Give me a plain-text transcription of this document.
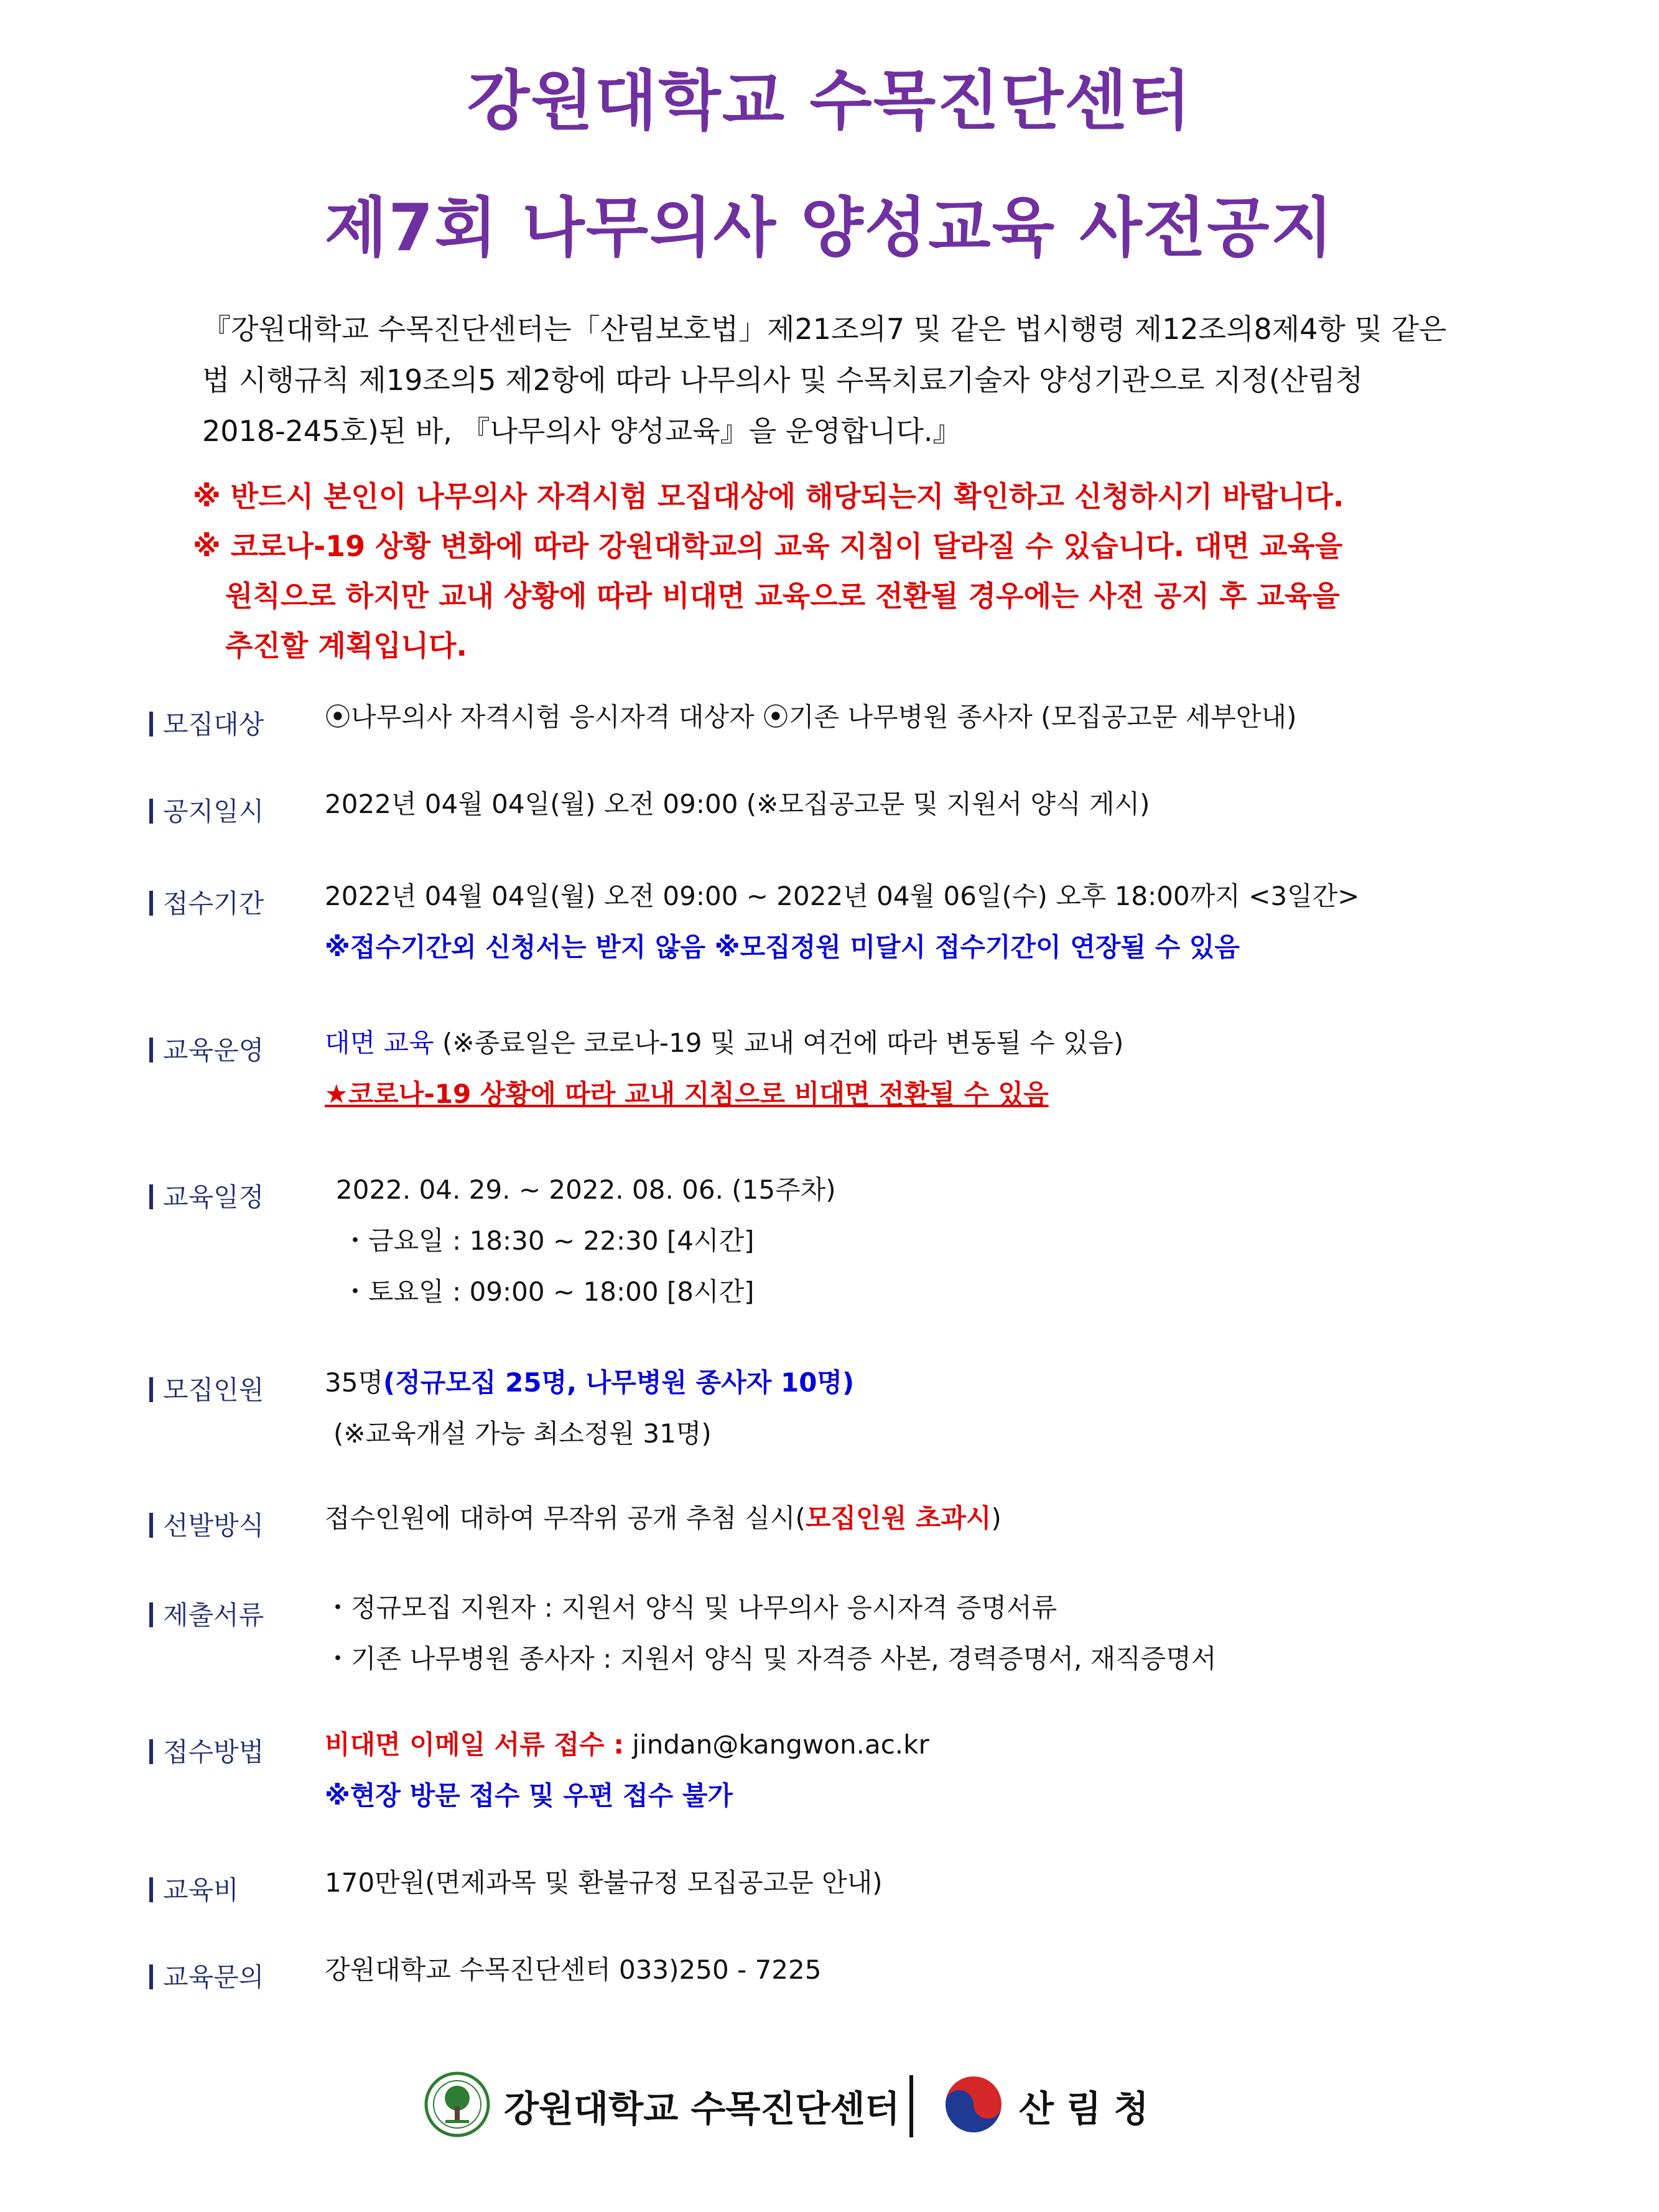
강원대학교 수목진단센터
제7회 나무의사 양성교육 사전공지
『강원대학교 수목진단센터는「산림보호법」제21조의7 및 같은 법시행령 제12조의8제4항 및 같은
법 시행규칙 제19조의5 제2항에 따라 나무의사 및 수목치료기술자 양성기관으로 지정(산림청
2018-245호)된 바, 『나무의사 양성교육』을 운영합니다.』
※ 반드시 본인이 나무의사 자격시험 모집대상에 해당되는지 확인하고 신청하시기 바랍니다.
※ 코로나-19 상황 변화에 따라 강원대학교의 교육 지침이 달라질 수 있습니다. 대면 교육을
원칙으로 하지만 교내 상황에 따라 비대면 교육으로 전환될 경우에는 사전 공지 후 교육을
추진할 계획입니다.
모집대상 ⦿나무의사 자격시험 응시자격 대상자 ⦿기존 나무병원 종사자 (모집공고문 세부안내)
공지일시 2022년 04월 04일(월) 오전 09:00 (※모집공고문 및 지원서 양식 게시)
접수기간 2022년 04월 04일(월) 오전 09:00 ~ 2022년 04월 06일(수) 오후 18:00까지 <3일간>
※접수기간외 신청서는 받지 않음 ※모집정원 미달시 접수기간이 연장될 수 있음
교육운영 대면 교육 (※종료일은 코로나-19 및 교내 여건에 따라 변동될 수 있음)
★코로나-19 상황에 따라 교내 지침으로 비대면 전환될 수 있음
교육일정	2022. 04. 29. ~ 2022. 08. 06. (15주차)
・금요일 : 18:30 ~ 22:30 [4시간]
・토요일 : 09:00 ~ 18:00 [8시간]
모집인원 35명(정규모집 25명, 나무병원 종사자 10명)
(※교육개설 가능 최소정원 31명)
선발방식 접수인원에 대하여 무작위 공개 추첨 실시(모집인원 초과시)
제출서류 ・정규모집 지원자 : 지원서 양식 및 나무의사 응시자격 증명서류
・기존 나무병원 종사자 : 지원서 양식 및 자격증 사본, 경력증명서, 재직증명서
접수방법 비대면 이메일 서류 접수 : jindan@kangwon.ac.kr
※현장 방문 접수 및 우편 접수 불가
교육비	170만원(면제과목 및 환불규정 모집공고문 안내)
교육문의 강원대학교 수목진단센터 033)250 - 7225
강원대학교 수목진단센터	산 림 청
